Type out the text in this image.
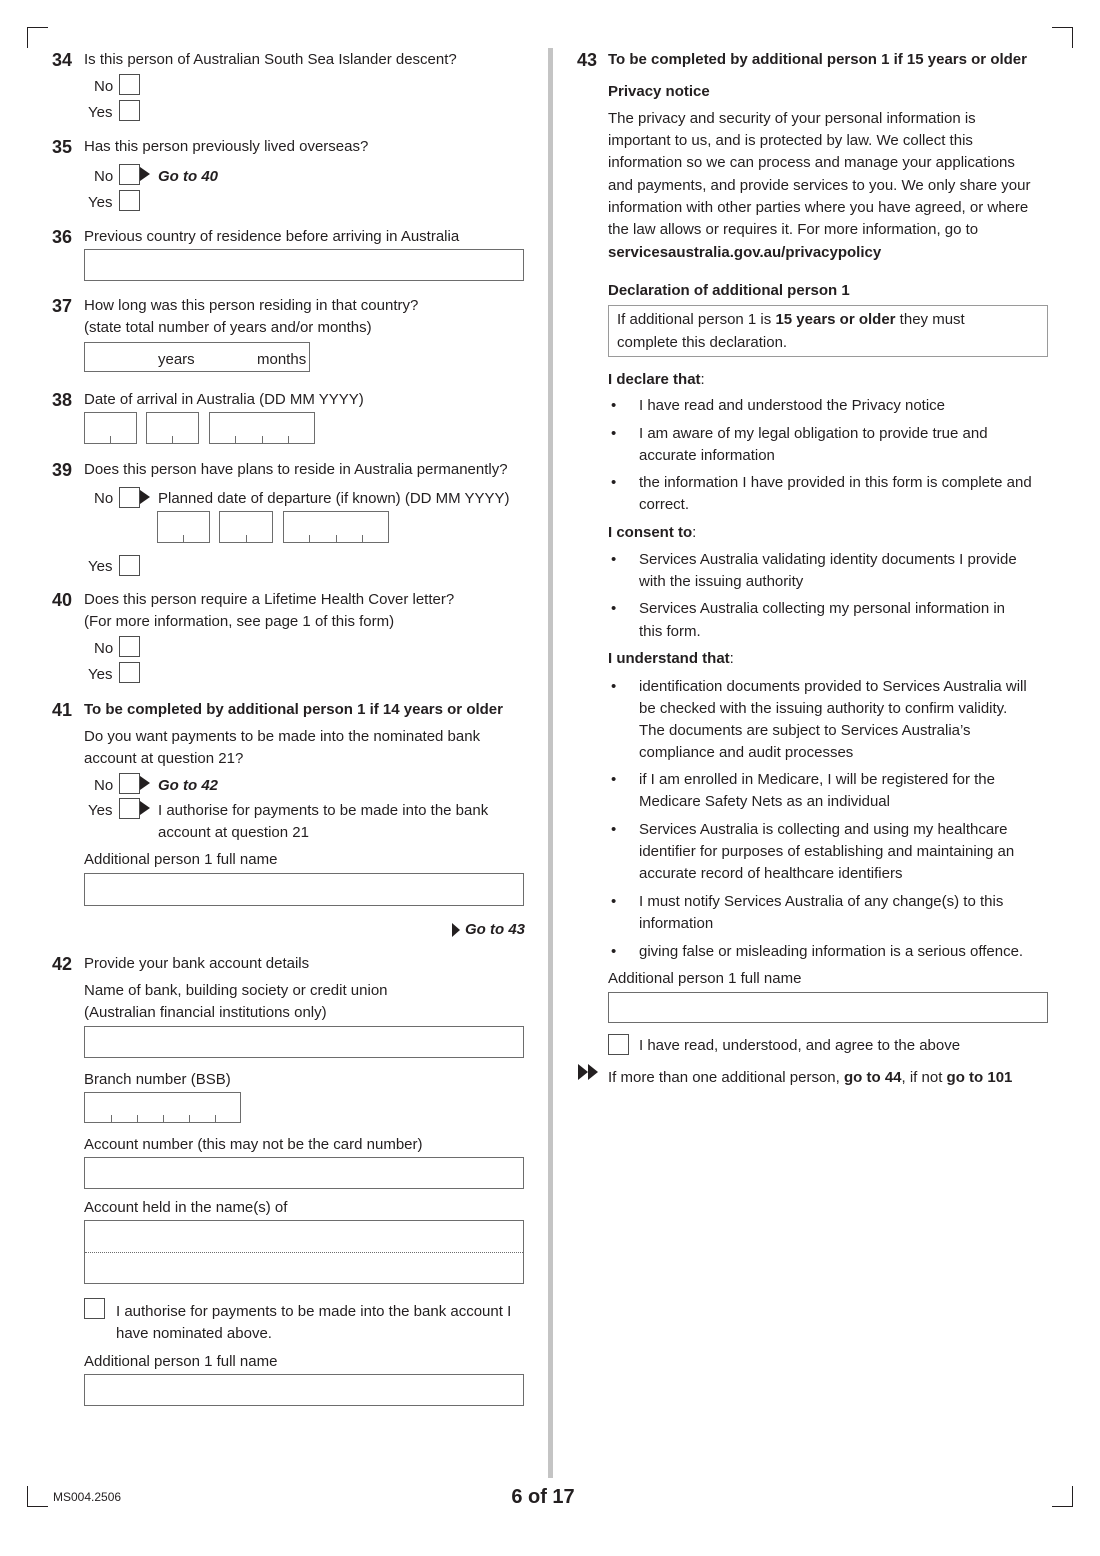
34 Is this person of Australian South Sea Islander descent?
No
Yes
35 Has this person previously lived overseas?
No	Go to 40
Yes
36 Previous country of residence before arriving in Australia
37 How long was this person residing in that country?
(state total number of years and/or months)
years	months
38 Date of arrival in Australia (DD MM YYYY)
39 Does this person have plans to reside in Australia permanently?
No	Planned date of departure (if known) (DD MM YYYY)
Yes
40 Does this person require a Lifetime Health Cover letter?
(For more information, see page 1 of this form)
No
Yes
41 To be completed by additional person 1 if 14 years or older
Do you want payments to be made into the nominated bank
account at question 21?
No	Go to 42
Yes	I authorise for payments to be made into the bank
account at question 21
Additional person 1 full name
Go to 43
42 Provide your bank account details
Name of bank, building society or credit union
(Australian financial institutions only)
Branch number (BSB)
Account number (this may not be the card number)
Account held in the name(s) of
I authorise for payments to be made into the bank account I
have nominated above.
Additional person 1 full name
43 To be completed by additional person 1 if 15 years or older
Privacy notice
The privacy and security of your personal information is
important to us, and is protected by law. We collect this
information so we can process and manage your applications
and payments, and provide services to you. We only share your
information with other parties where you have agreed, or where
the law allows or requires it. For more information, go to
servicesaustralia.gov.au/privacypolicy
Declaration of additional person 1
If additional person 1 is 15 years or older they must
complete this declaration.
I declare that:
• I have read and understood the Privacy notice
• I am aware of my legal obligation to provide true and
accurate information
• the information I have provided in this form is complete and
correct.
I consent to:
• Services Australia validating identity documents I provide
with the issuing authority
• Services Australia collecting my personal information in
this form.
I understand that:
• identification documents provided to Services Australia will
be checked with the issuing authority to confirm validity.
The documents are subject to Services Australia’s
compliance and audit processes
• if I am enrolled in Medicare, I will be registered for the
Medicare Safety Nets as an individual
• Services Australia is collecting and using my healthcare
identifier for purposes of establishing and maintaining an
accurate record of healthcare identifiers
• I must notify Services Australia of any change(s) to this
information
• giving false or misleading information is a serious offence.
Additional person 1 full name
I have read, understood, and agree to the above
If more than one additional person, go to 44, if not go to 101
MS004.2506	6 of 17
